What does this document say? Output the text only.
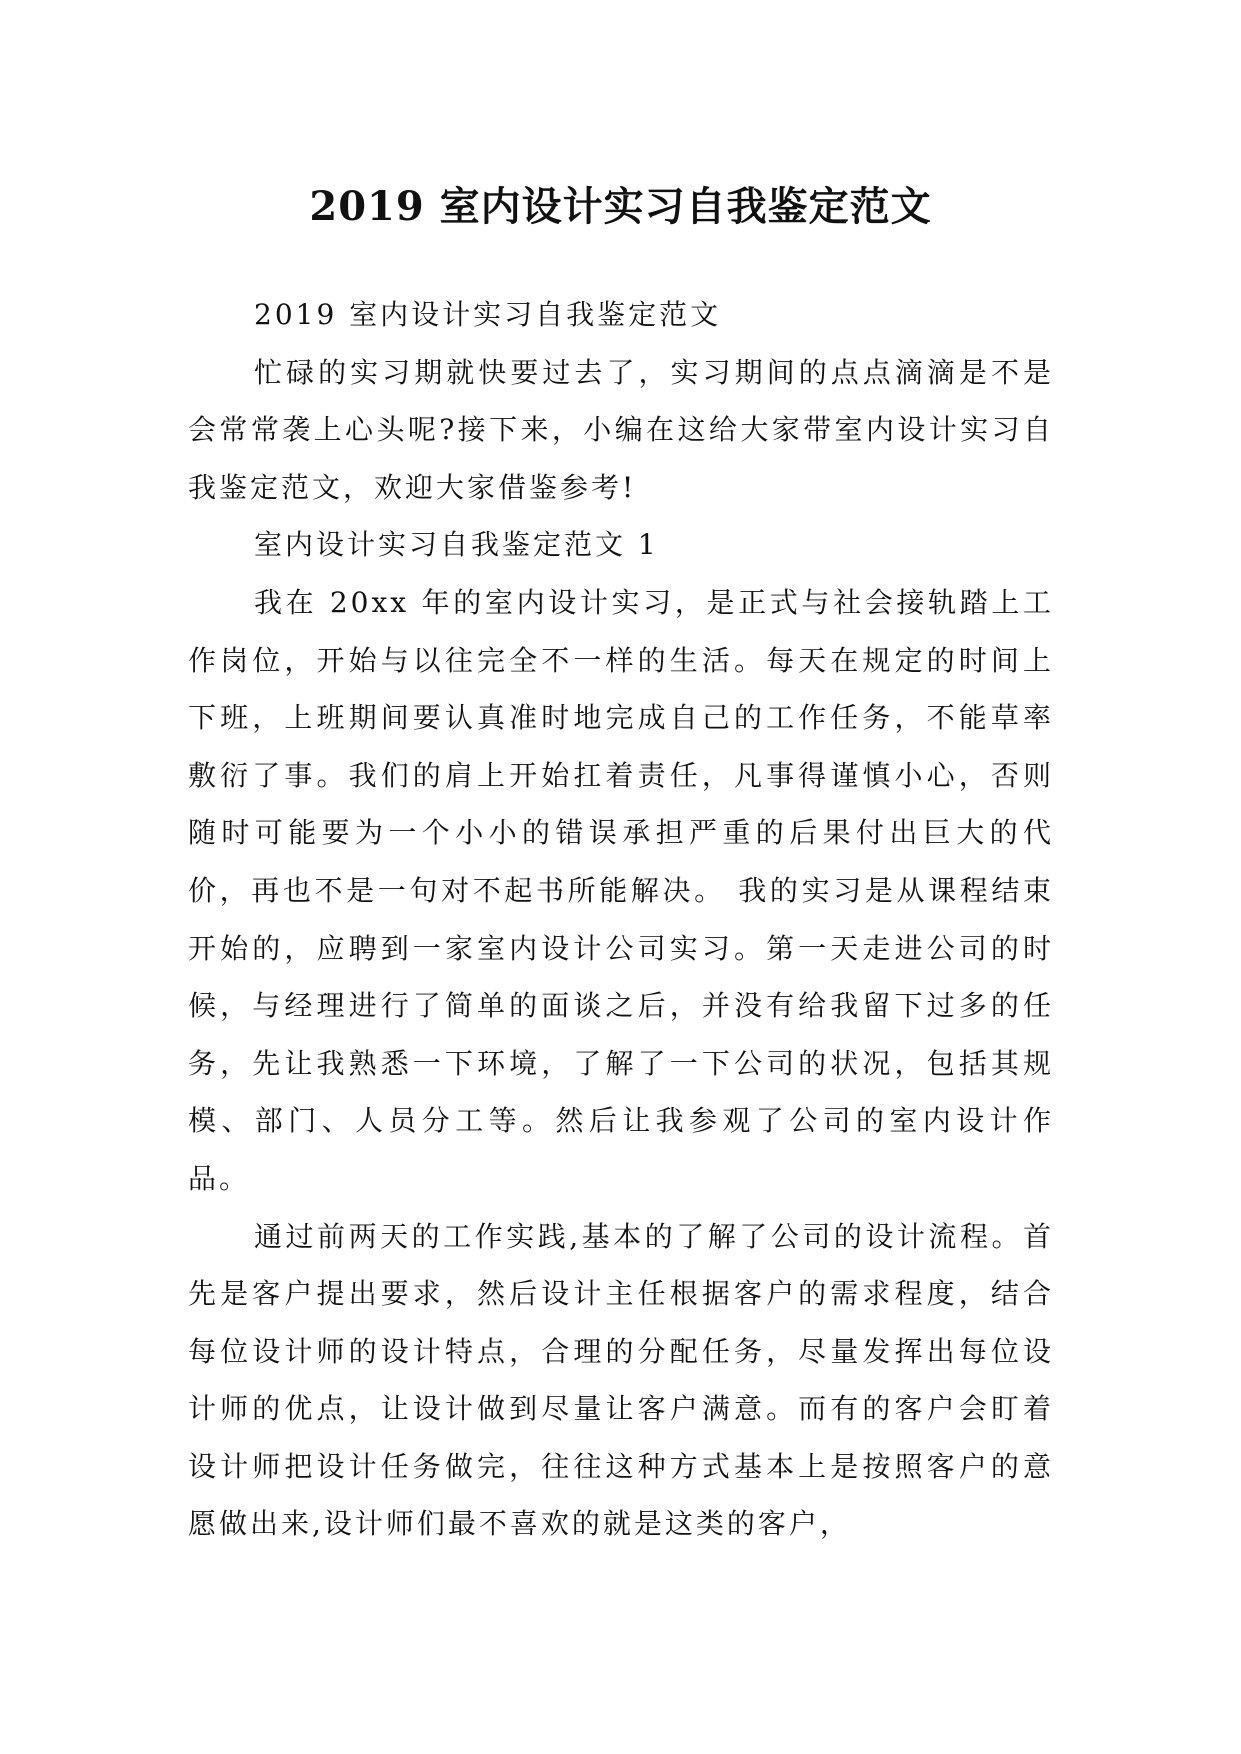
2019 室内设计实习自我鉴定范文

2019 室内设计实习自我鉴定范文

忙碌的实习期就快要过去了，实习期间的点点滴滴是不是会常常袭上心头呢?接下来，小编在这给大家带室内设计实习自我鉴定范文，欢迎大家借鉴参考!

室内设计实习自我鉴定范文 1

我在 20xx 年的室内设计实习，是正式与社会接轨踏上工作岗位，开始与以往完全不一样的生活。每天在规定的时间上下班，上班期间要认真准时地完成自己的工作任务，不能草率敷衍了事。我们的肩上开始扛着责任，凡事得谨慎小心，否则随时可能要为一个小小的错误承担严重的后果付出巨大的代价，再也不是一句对不起书所能解决。 我的实习是从课程结束开始的，应聘到一家室内设计公司实习。第一天走进公司的时候，与经理进行了简单的面谈之后，并没有给我留下过多的任务，先让我熟悉一下环境，了解了一下公司的状况，包括其规模、部门、人员分工等。然后让我参观了公司的室内设计作品。

通过前两天的工作实践,基本的了解了公司的设计流程。首先是客户提出要求，然后设计主任根据客户的需求程度，结合每位设计师的设计特点，合理的分配任务，尽量发挥出每位设计师的优点，让设计做到尽量让客户满意。而有的客户会盯着设计师把设计任务做完，往往这种方式基本上是按照客户的意愿做出来,设计师们最不喜欢的就是这类的客户，
